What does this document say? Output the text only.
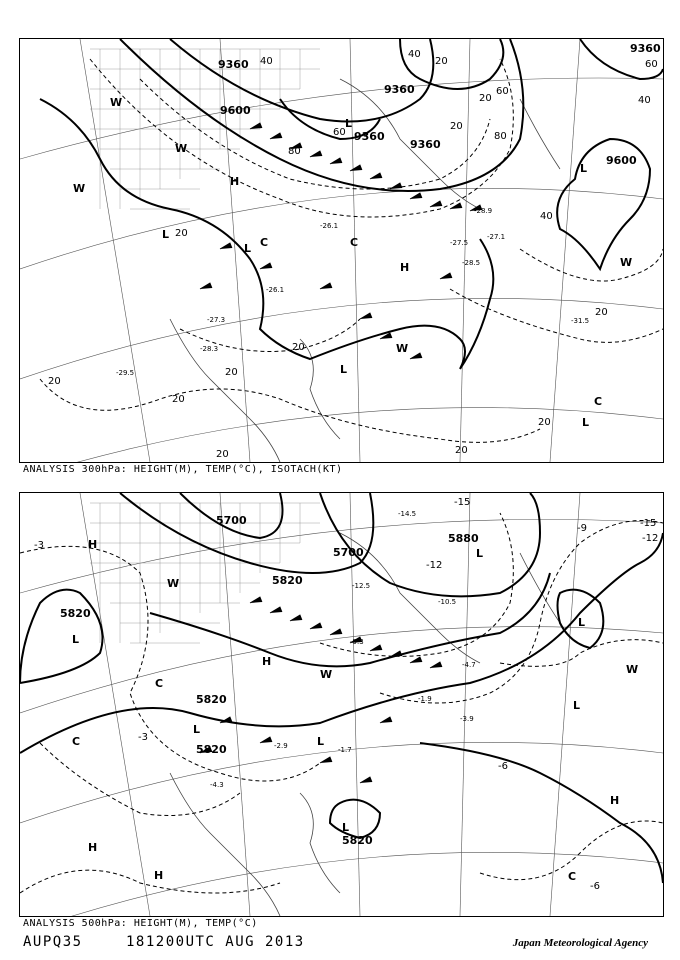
9360
9360
9360
9360
9600
9600
9360
40	20
40
60
80
60
20
80
20
40
20
20
20
20
20
20
20
20
20
60
40
L
L
C
H
H
L
L
C
W
W
W
W
W
L
C
L
-27.1
-28.5
-28.3
-26.1
-27.3
-29.5
-31.5
-28.9
-27.5
-26.1
ANALYSIS 300hPa: HEIGHT(M), TEMP(°C), ISOTACH(KT)
5700
5700
5820
5820
5820
5820
5880
5820
H
L
L
L
H
L
C
C
L
W
L
H
L
H
H
C
W
W
-3
-3
-6
-6
-15
-15
-12
-12
-9
-12.5
-14.5
-10.5
-9.3
-4.7
-1.9
-3.9
-1.7
-2.9
-4.3
ANALYSIS 500hPa: HEIGHT(M), TEMP(°C)
AUPQ35	181200UTC AUG 2013	Japan Meteorological Agency
